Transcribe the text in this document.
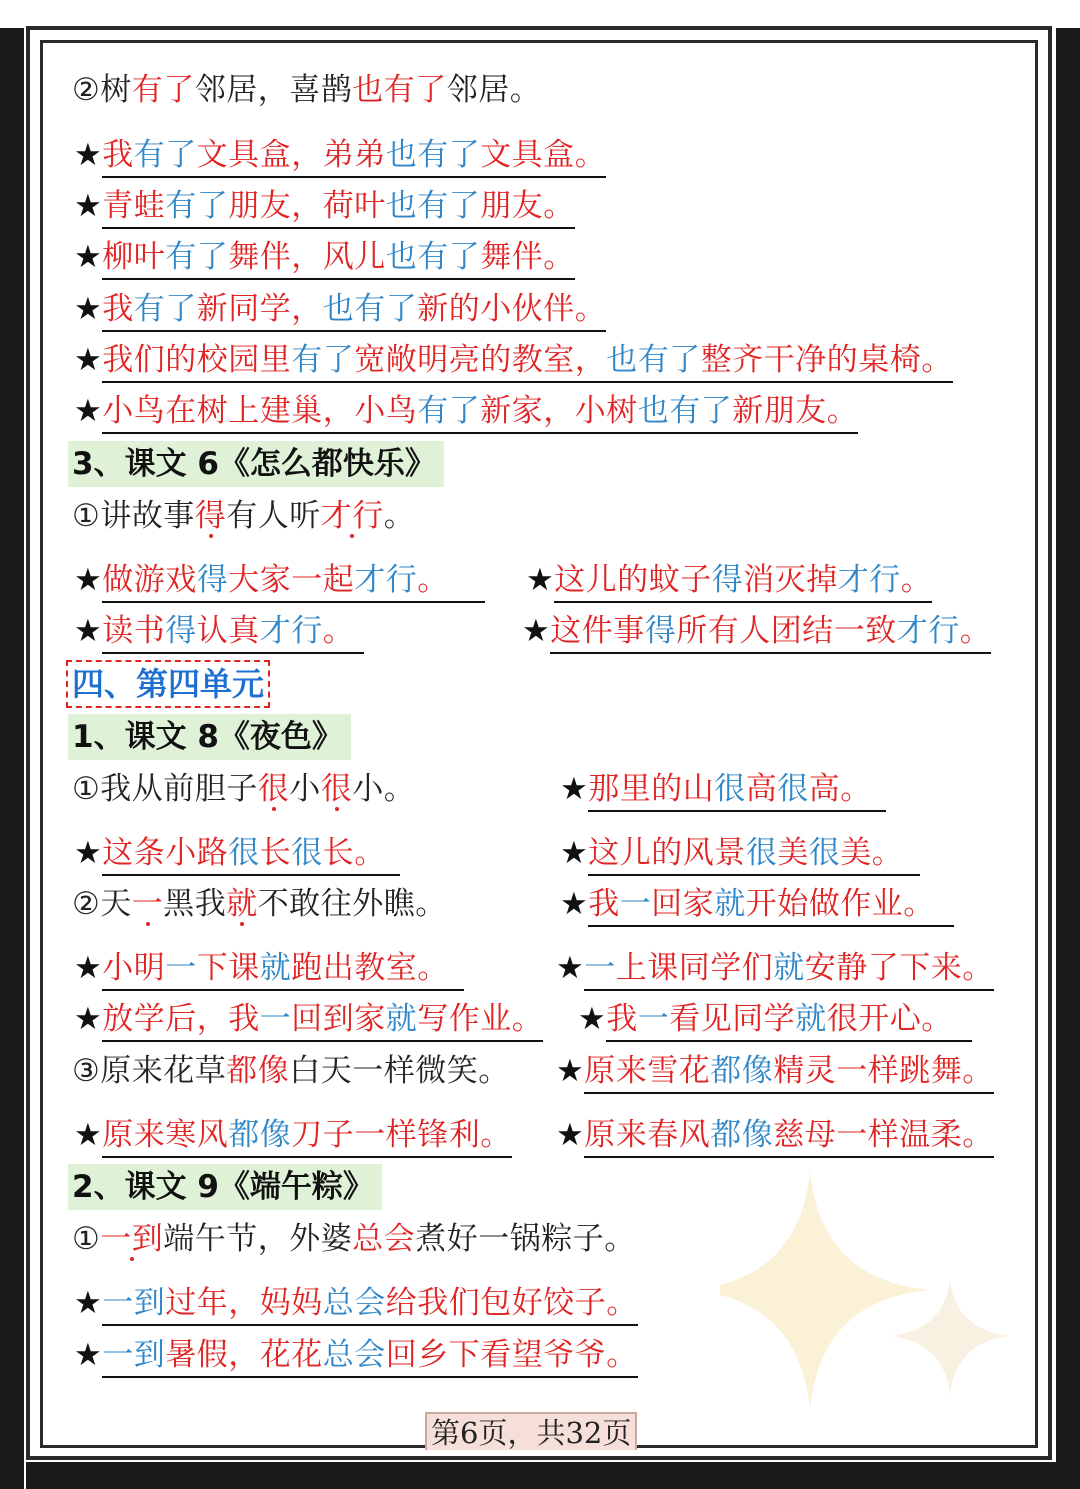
②树有了邻居，喜鹊也有了邻居。
★我有了文具盒，弟弟也有了文具盒。
★青蛙有了朋友，荷叶也有了朋友。
★柳叶有了舞伴，风儿也有了舞伴。
★我有了新同学，也有了新的小伙伴。
★我们的校园里有了宽敞明亮的教室，也有了整齐干净的桌椅。
★小鸟在树上建巢，小鸟有了新家，小树也有了新朋友。
3、课文 6《怎么都快乐》
①讲故事得有人听才行。
★做游戏得大家一起才行。	★这儿的蚊子得消灭掉才行。
★读书得认真才行。	★这件事得所有人团结一致才行。
四、第四单元
1、课文 8《夜色》
①我从前胆子很小很小。	★那里的山很高很高。
★这条小路很长很长。	★这儿的风景很美很美。
②天一黑我就不敢往外瞧。	★我一回家就开始做作业。
★小明一下课就跑出教室。	★一上课同学们就安静了下来。
★放学后，我一回到家就写作业。 ★我一看见同学就很开心。
③原来花草都像白天一样微笑。 ★原来雪花都像精灵一样跳舞。
★原来寒风都像刀子一样锋利。 ★原来春风都像慈母一样温柔。
2、课文 9《端午粽》
①一到端午节，外婆总会煮好一锅粽子。
★一到过年，妈妈总会给我们包好饺子。
★一到暑假，花花总会回乡下看望爷爷。
第6页，共32页
